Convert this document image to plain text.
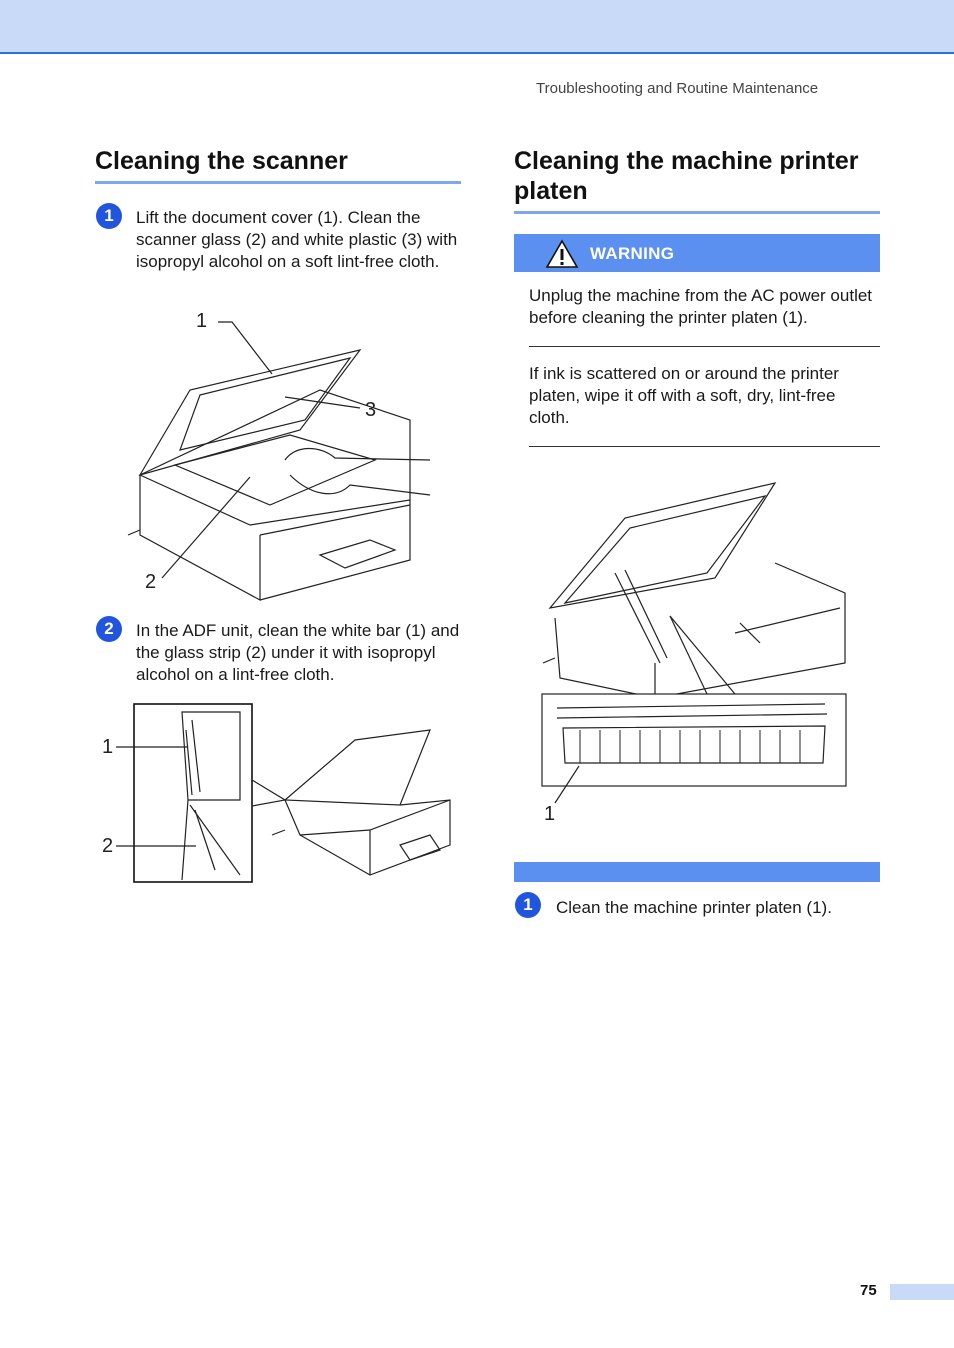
Troubleshooting and Routine Maintenance
Cleaning the scanner
1	Lift the document cover (1). Clean the scanner glass (2) and white plastic (3) with isopropyl alcohol on a soft lint-free cloth.

1
3
2
2	In the ADF unit, clean the white bar (1) and the glass strip (2) under it with isopropyl alcohol on a lint-free cloth.

1
2
Cleaning the machine printer platen
WARNING

Unplug the machine from the AC power outlet before cleaning the printer platen (1).

If ink is scattered on or around the printer platen, wipe it off with a soft, dry, lint-free cloth.

1
1	Clean the machine printer platen (1).

75
